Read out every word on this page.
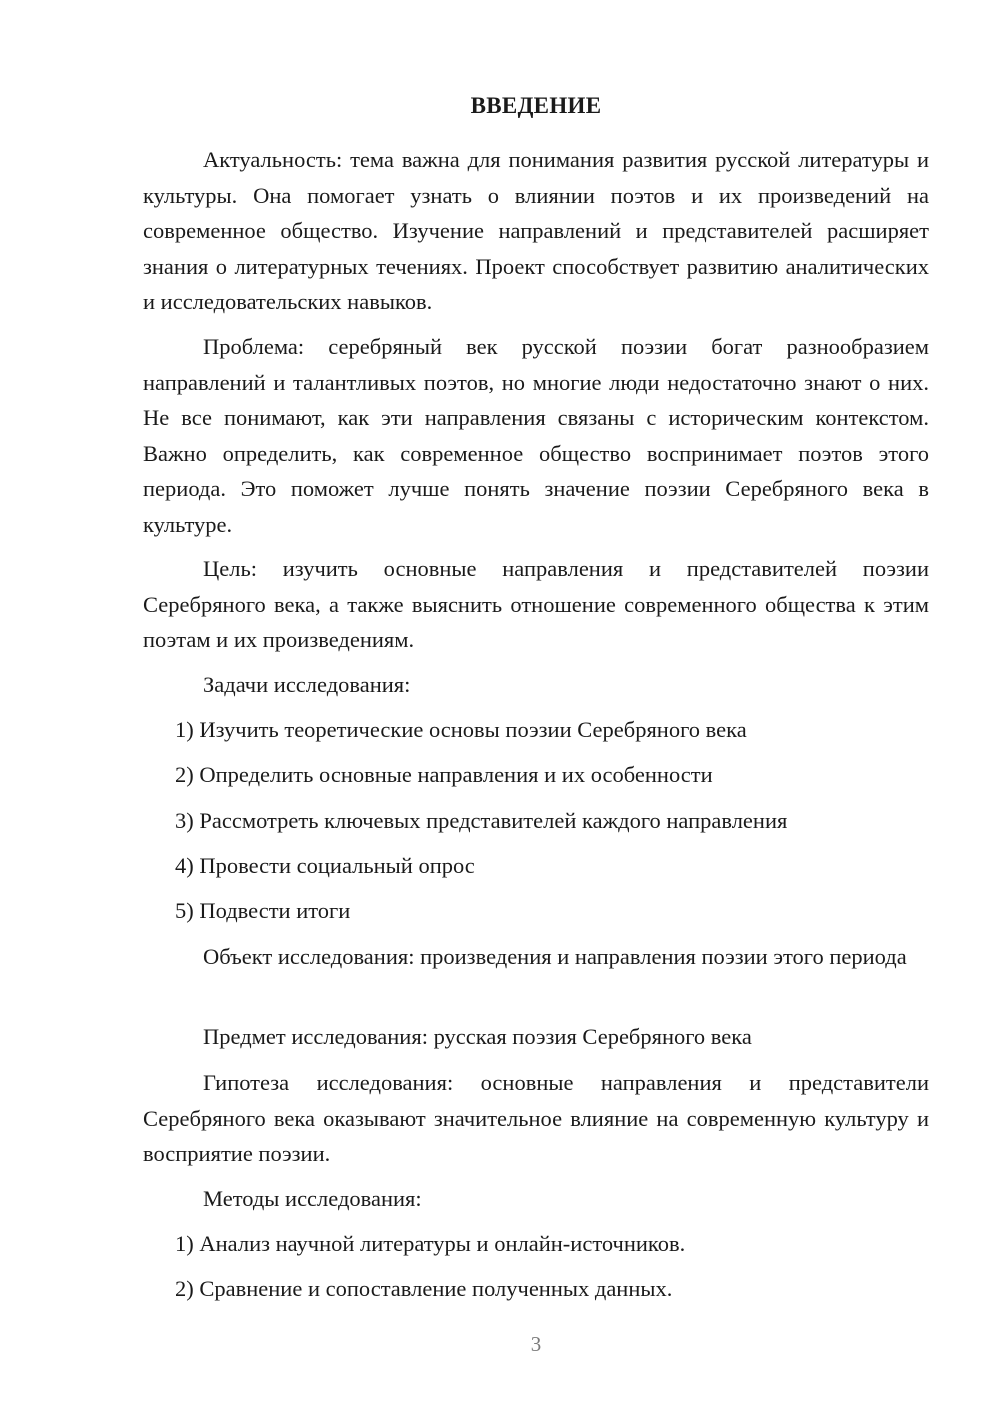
ВВЕДЕНИЕ

Актуальность: тема важна для понимания развития русской литературы и культуры. Она помогает узнать о влиянии поэтов и их произведений на современное общество. Изучение направлений и представителей расширяет знания о литературных течениях. Проект способствует развитию аналитических и исследовательских навыков.

Проблема: серебряный век русской поэзии богат разнообразием направлений и талантливых поэтов, но многие люди недостаточно знают о них. Не все понимают, как эти направления связаны с историческим контекстом. Важно определить, как современное общество воспринимает поэтов этого периода. Это поможет лучше понять значение поэзии Серебряного века в культуре.

Цель: изучить основные направления и представителей поэзии Серебряного века, а также выяснить отношение современного общества к этим поэтам и их произведениям.

Задачи исследования:

1) Изучить теоретические основы поэзии Серебряного века

2) Определить основные направления и их особенности

3) Рассмотреть ключевых представителей каждого направления

4) Провести социальный опрос

5) Подвести итоги

Объект исследования: произведения и направления поэзии этого периода

Предмет исследования: русская поэзия Серебряного века

Гипотеза исследования: основные направления и представители Серебряного века оказывают значительное влияние на современную культуру и восприятие поэзии.

Методы исследования:

1) Анализ научной литературы и онлайн-источников.

2) Сравнение и сопоставление полученных данных.

3
